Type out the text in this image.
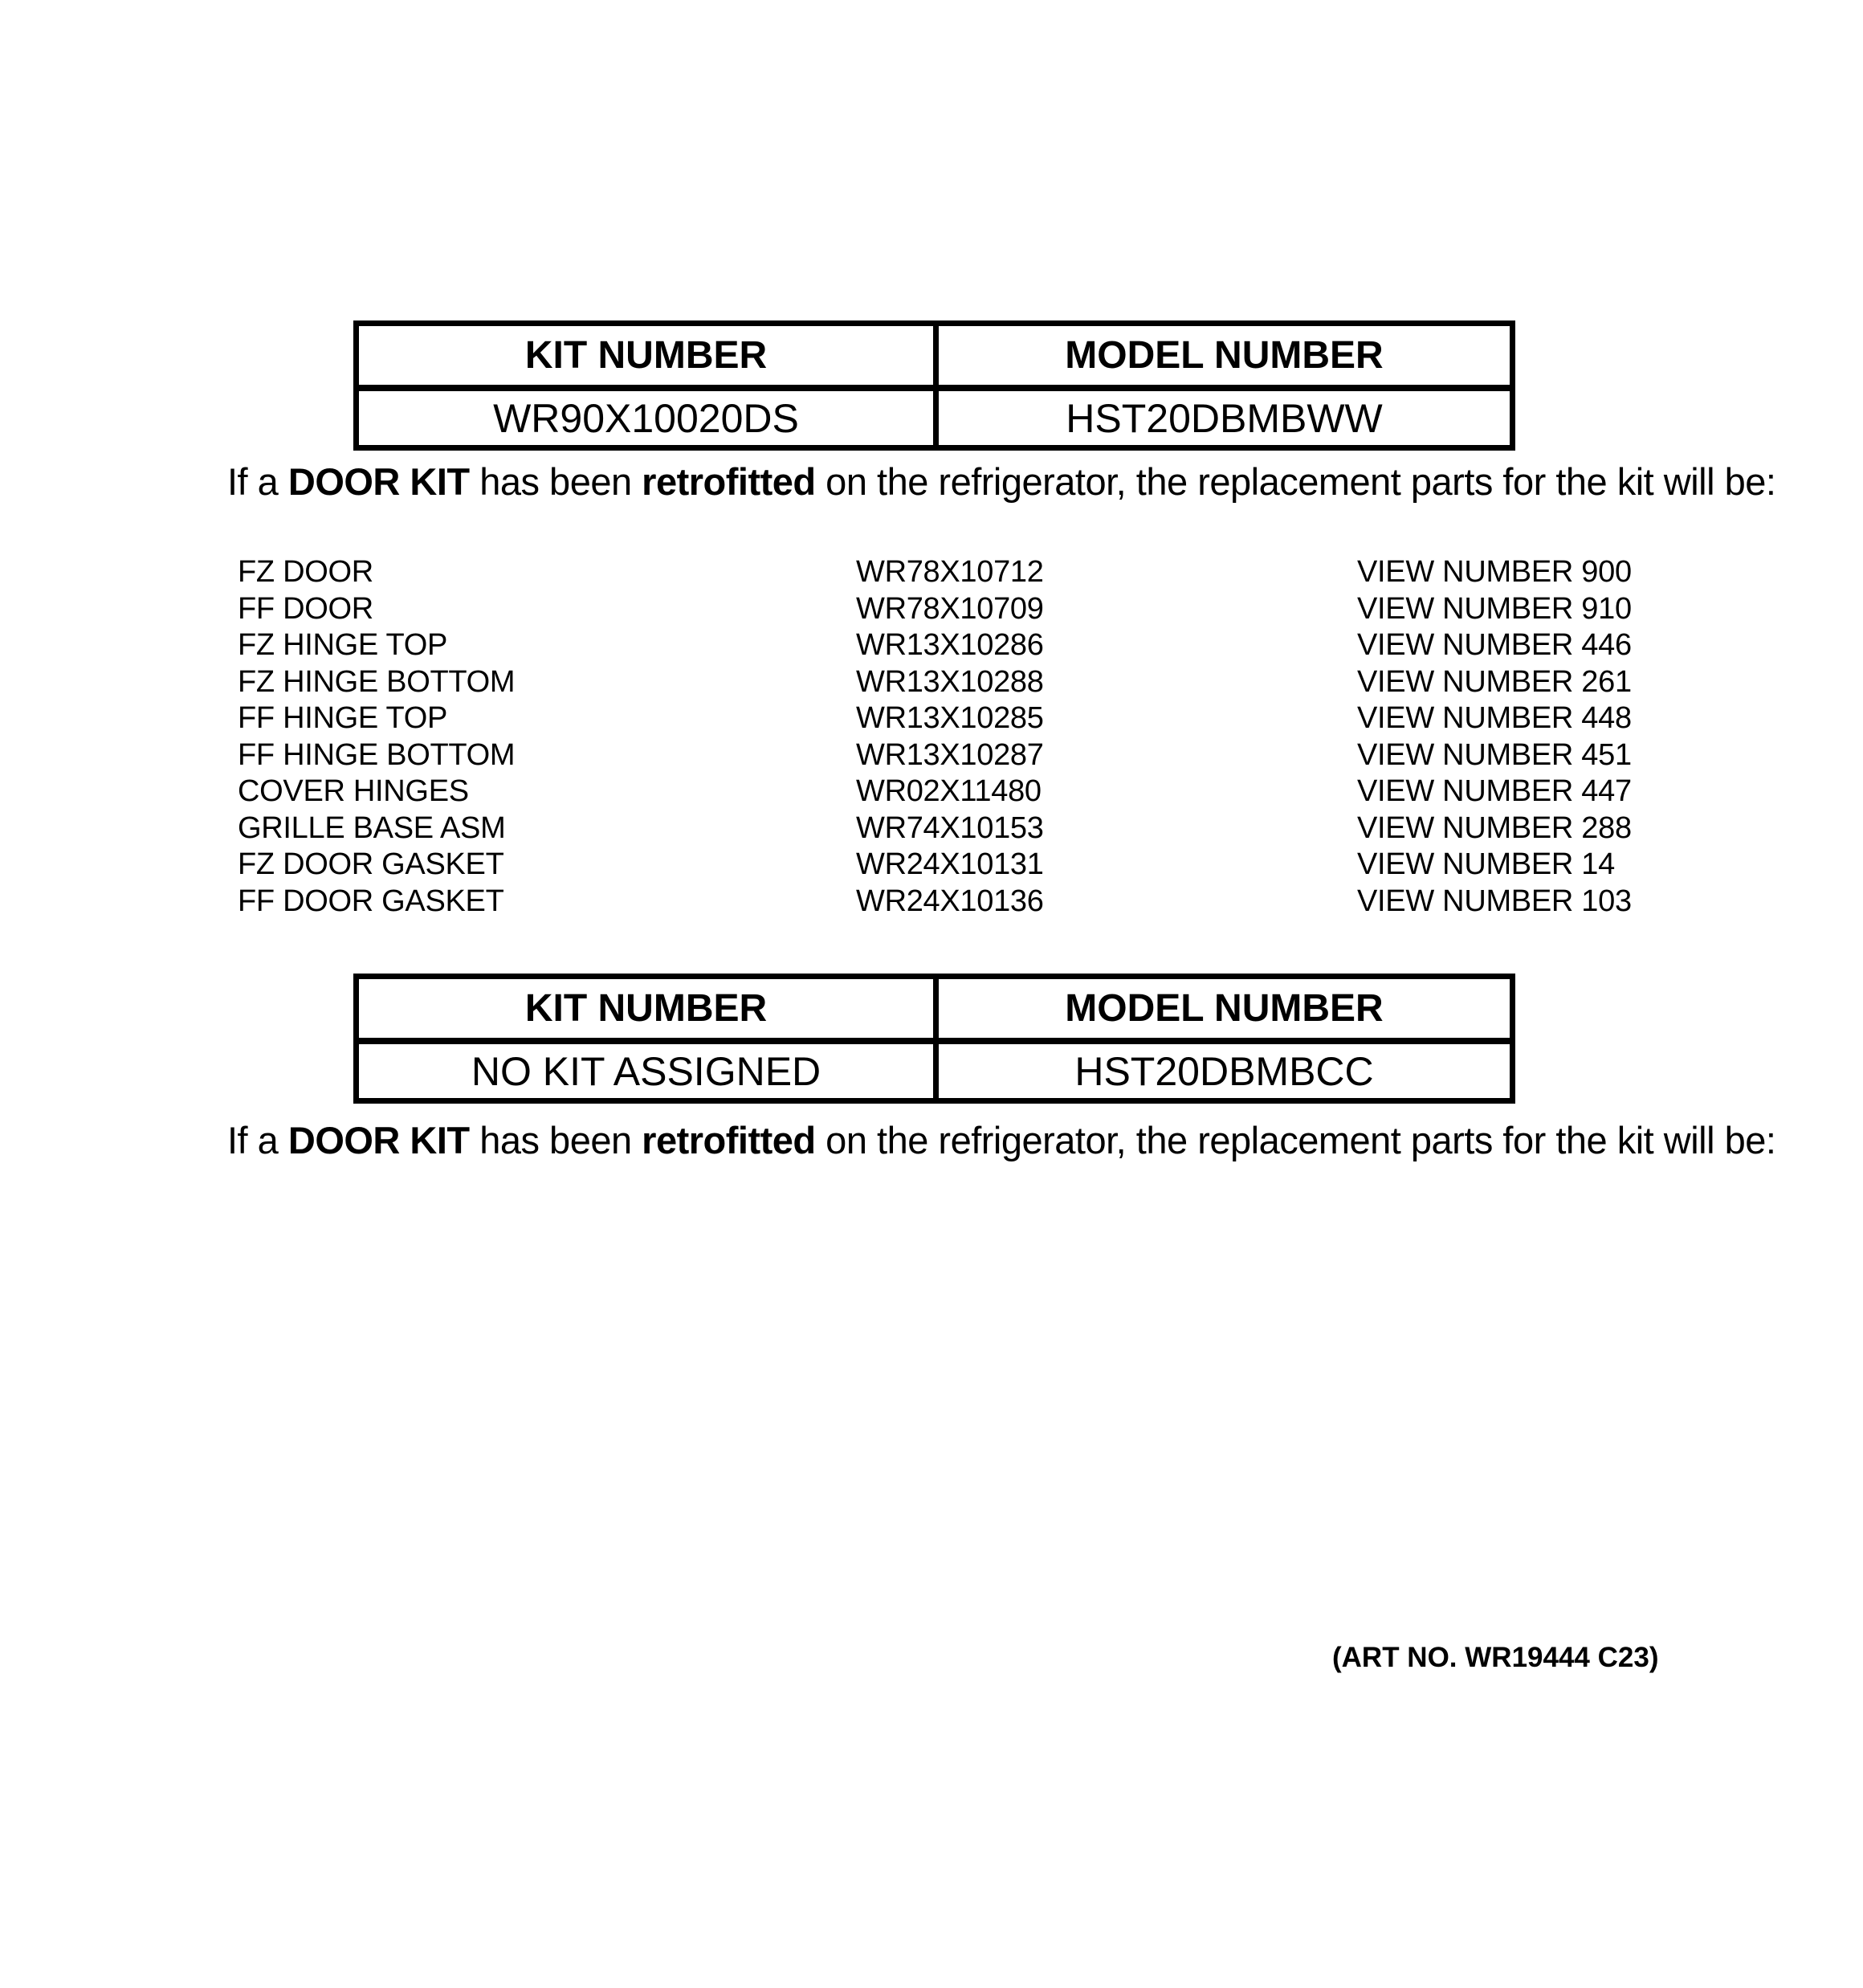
KIT NUMBER	MODEL NUMBER
WR90X10020DS	HST20DBMBWW
If a DOOR KIT has been retrofitted on the refrigerator, the replacement parts for the kit will be:
FZ DOOR	WR78X10712	VIEW NUMBER 900
FF DOOR	WR78X10709	VIEW NUMBER 910
FZ HINGE TOP	WR13X10286	VIEW NUMBER 446
FZ HINGE BOTTOM	WR13X10288	VIEW NUMBER 261
FF HINGE TOP	WR13X10285	VIEW NUMBER 448
FF HINGE BOTTOM	WR13X10287	VIEW NUMBER 451
COVER HINGES	WR02X11480	VIEW NUMBER 447
GRILLE BASE ASM	WR74X10153	VIEW NUMBER 288
FZ DOOR GASKET	WR24X10131	VIEW NUMBER 14
FF DOOR GASKET	WR24X10136	VIEW NUMBER 103
KIT NUMBER	MODEL NUMBER
NO KIT ASSIGNED	HST20DBMBCC
If a DOOR KIT has been retrofitted on the refrigerator, the replacement parts for the kit will be:
(ART NO. WR19444 C23)
